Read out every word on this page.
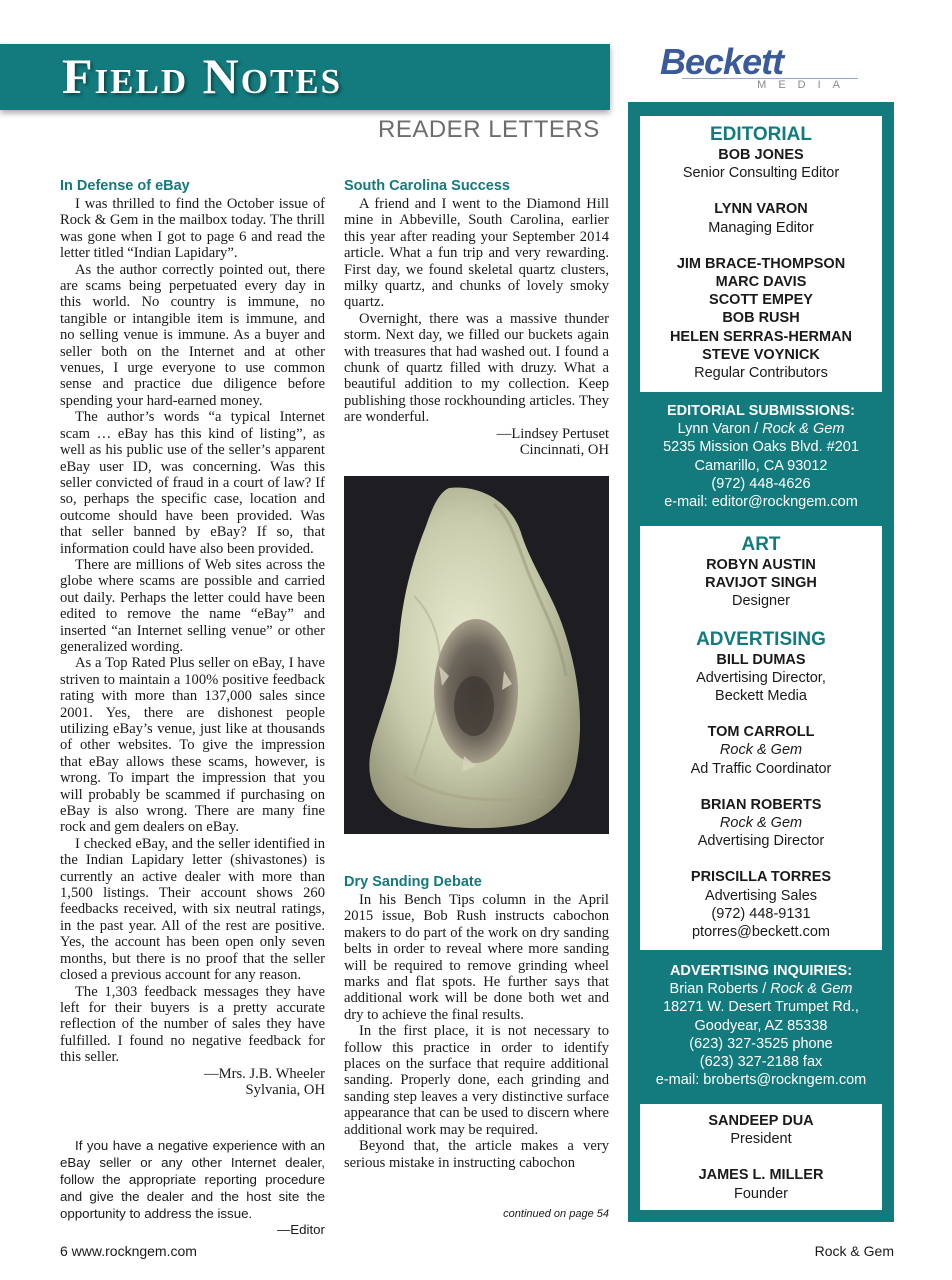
Field Notes
READER LETTERS
Beckett
MEDIA
In Defense of eBay

I was thrilled to find the October issue of Rock & Gem in the mailbox today. The thrill was gone when I got to page 6 and read the letter titled “Indian Lapidary”.

As the author correctly pointed out, there are scams being perpetuated every day in this world. No country is immune, no tangible or intangible item is immune, and no selling venue is immune. As a buyer and seller both on the Internet and at other venues, I urge everyone to use common sense and practice due diligence before spending your hard-earned money.

The author’s words “a typical Internet scam … eBay has this kind of listing”, as well as his public use of the seller’s apparent eBay user ID, was concerning. Was this seller convicted of fraud in a court of law? If so, perhaps the specific case, location and outcome should have been provided. Was that seller banned by eBay? If so, that information could have also been provided.

There are millions of Web sites across the globe where scams are possible and carried out daily. Perhaps the letter could have been edited to remove the name “eBay” and inserted “an Internet selling venue” or other generalized wording.

As a Top Rated Plus seller on eBay, I have striven to maintain a 100% positive feedback rating with more than 137,000 sales since 2001. Yes, there are dishonest people utilizing eBay’s venue, just like at thousands of other websites. To give the impression that eBay allows these scams, however, is wrong. To impart the impression that you will probably be scammed if purchasing on eBay is also wrong. There are many fine rock and gem dealers on eBay.

I checked eBay, and the seller identified in the Indian Lapidary letter (shivastones) is currently an active dealer with more than 1,500 listings. Their account shows 260 feedbacks received, with six neutral ratings, in the past year. All of the rest are positive. Yes, the account has been open only seven months, but there is no proof that the seller closed a previous account for any reason.

The 1,303 feedback messages they have left for their buyers is a pretty accurate reflection of the number of sales they have fulfilled. I found no negative feedback for this seller.

—Mrs. J.B. Wheeler

Sylvania, OH

If you have a negative experience with an eBay seller or any other Internet dealer, follow the appropriate reporting procedure and give the dealer and the host site the opportunity to address the issue.

—Editor

South Carolina Success

A friend and I went to the Diamond Hill mine in Abbeville, South Carolina, earlier this year after reading your September 2014 article. What a fun trip and very rewarding. First day, we found skeletal quartz clusters, milky quartz, and chunks of lovely smoky quartz.

Overnight, there was a massive thunder storm. Next day, we filled our buckets again with treasures that had washed out. I found a chunk of quartz filled with druzy. What a beautiful addition to my collection. Keep publishing those rockhounding articles. They are wonderful.

—Lindsey Pertuset

Cincinnati, OH

Dry Sanding Debate

In his Bench Tips column in the April 2015 issue, Bob Rush instructs cabochon makers to do part of the work on dry sanding belts in order to reveal where more sanding will be required to remove grinding wheel marks and flat spots. He further says that additional work will be done both wet and dry to achieve the final results.

In the first place, it is not necessary to follow this practice in order to identify places on the surface that require additional sanding. Properly done, each grinding and sanding step leaves a very distinctive surface appearance that can be used to discern where additional work may be required.

Beyond that, the article makes a very serious mistake in instructing cabochon

continued on page 54
EDITORIAL
BOB JONES
Senior Consulting Editor
LYNN VARON
Managing Editor
JIM BRACE-THOMPSON
MARC DAVIS
SCOTT EMPEY
BOB RUSH
HELEN SERRAS-HERMAN
STEVE VOYNICK
Regular Contributors
EDITORIAL SUBMISSIONS:
Lynn Varon / Rock & Gem
5235 Mission Oaks Blvd. #201
Camarillo, CA 93012
(972) 448-4626
e-mail: editor@rockngem.com
ART
ROBYN AUSTIN
RAVIJOT SINGH
Designer
ADVERTISING
BILL DUMAS
Advertising Director,
Beckett Media
TOM CARROLL
Rock & Gem
Ad Traffic Coordinator
BRIAN ROBERTS
Rock & Gem
Advertising Director
PRISCILLA TORRES
Advertising Sales
(972) 448-9131
ptorres@beckett.com
ADVERTISING INQUIRIES:
Brian Roberts / Rock & Gem
18271 W. Desert Trumpet Rd.,
Goodyear, AZ 85338
(623) 327-3525 phone
(623) 327-2188 fax
e-mail: broberts@rockngem.com
SANDEEP DUA
President
JAMES L. MILLER
Founder
6 www.rockngem.com	Rock & Gem
